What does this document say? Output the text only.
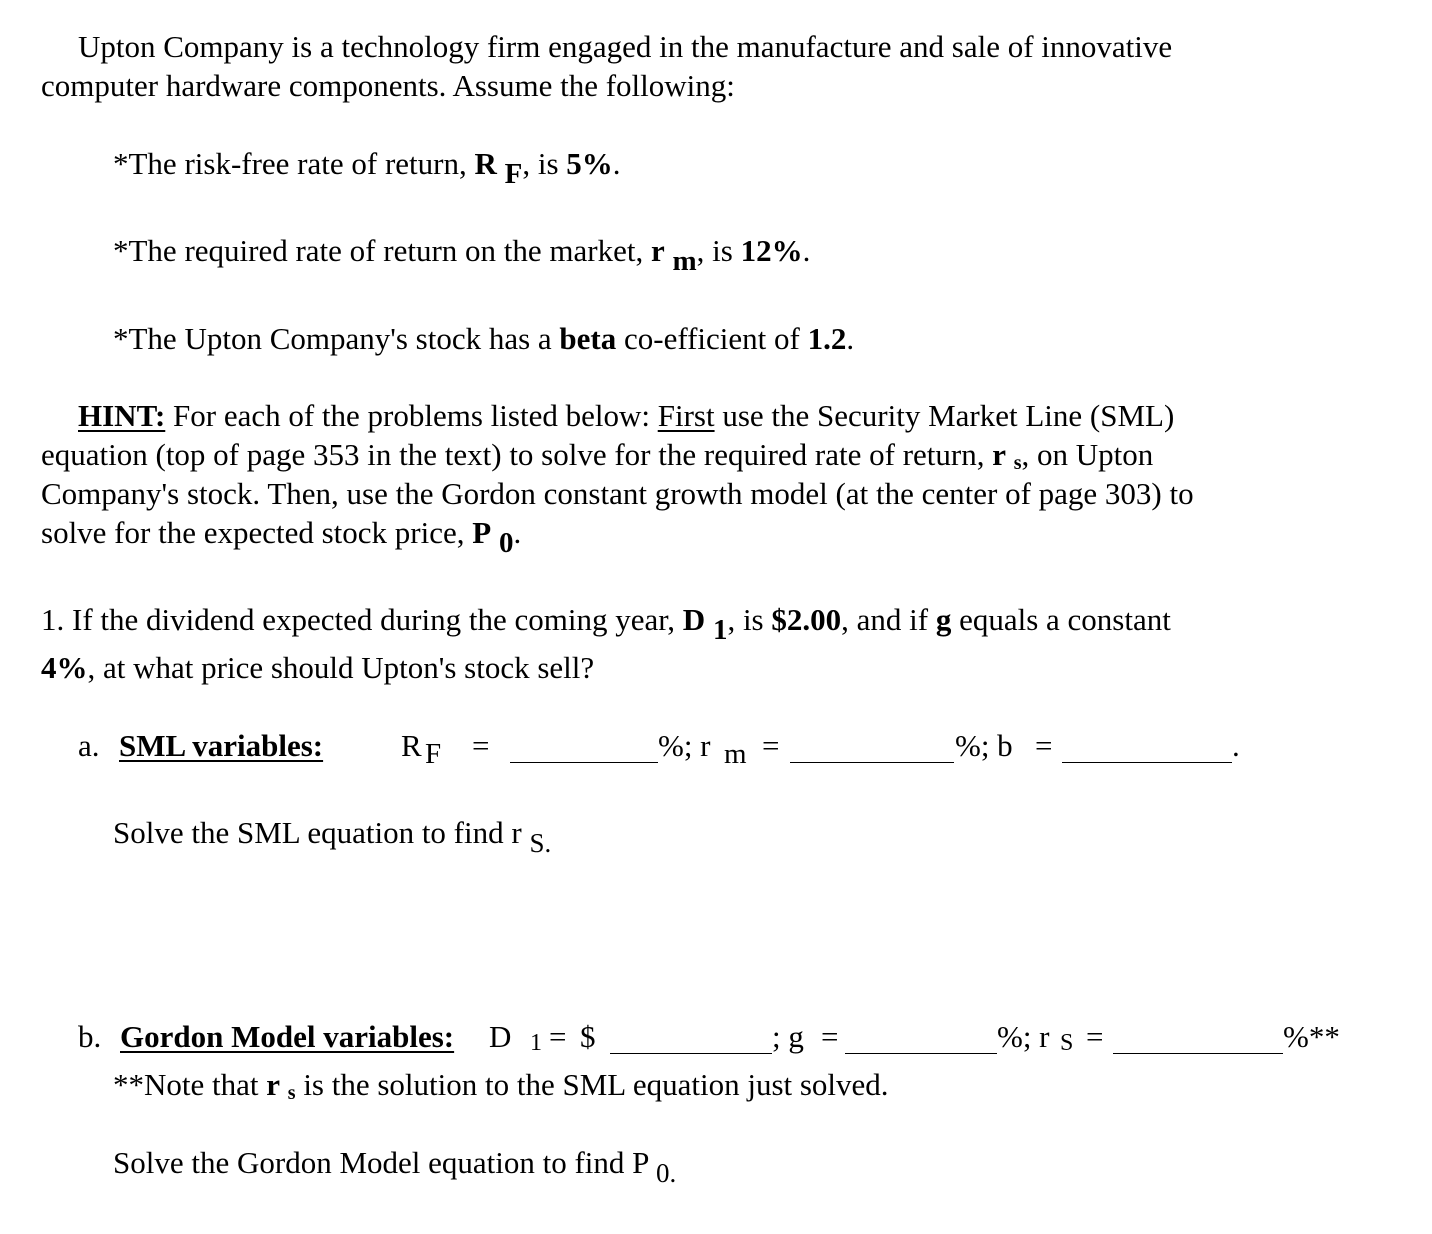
Upton Company is a technology firm engaged in the manufacture and sale of innovative
computer hardware components. Assume the following:
*The risk-free rate of return, R F, is 5%.
*The required rate of return on the market, r m, is 12%.
*The Upton Company's stock has a beta co-efficient of 1.2.
HINT: For each of the problems listed below: First use the Security Market Line (SML)
equation (top of page 353 in the text) to solve for the required rate of return, r s, on Upton
Company's stock. Then, use the Gordon constant growth model (at the center of page 303) to
solve for the expected stock price, P 0.
1. If the dividend expected during the coming year, D 1, is $2.00, and if g equals a constant
4%, at what price should Upton's stock sell?
a. SML variables:	R F =	%; r m =	%; b =	.
Solve the SML equation to find r S.
b. Gordon Model variables: D 1 = $	; g =	%; r S =	%**
**Note that r s is the solution to the SML equation just solved.
Solve the Gordon Model equation to find P 0.
